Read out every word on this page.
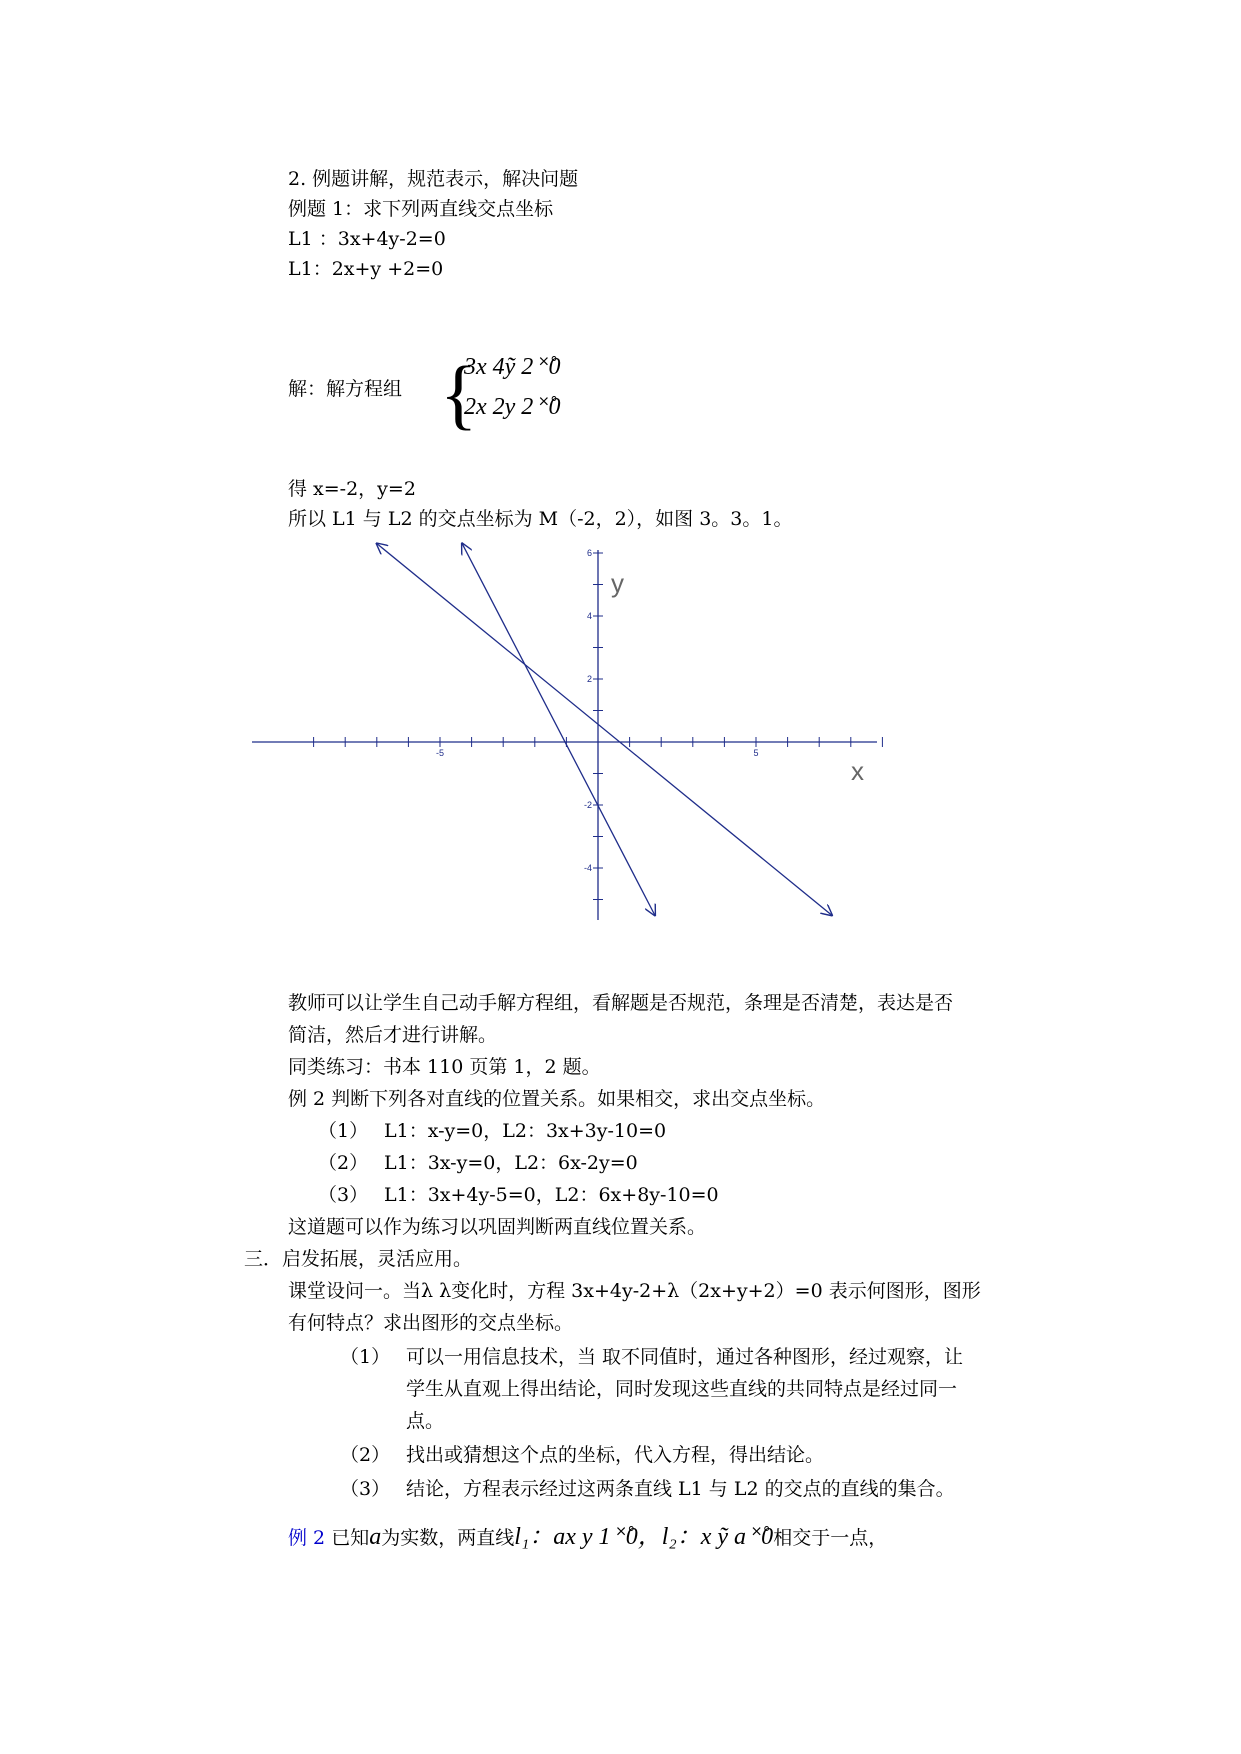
2. 例题讲解，规范表示，解决问题
例题 1：求下列两直线交点坐标
L1 ：3x+4y-2=0
L1：2x+y +2=0
解：解方程组 {
3x 4ỹ 2 ˟̊0
2x 2y 2 ˟̊0
得 x=-2，y=2
所以 L1 与 L2 的交点坐标为 M（-2，2），如图 3。3。1。
-5	5
6
4
2
-2
-4
y
x
教师可以让学生自己动手解方程组，看解题是否规范，条理是否清楚，表达是否
简洁，然后才进行讲解。
同类练习：书本 110 页第 1，2 题。
例 2 判断下列各对直线的位置关系。如果相交，求出交点坐标。
（1） L1：x-y=0，L2：3x+3y-10=0
（2） L1：3x-y=0，L2：6x-2y=0
（3） L1：3x+4y-5=0，L2：6x+8y-10=0
这道题可以作为练习以巩固判断两直线位置关系。
三．启发拓展，灵活应用。
课堂设问一。当λ λ变化时，方程 3x+4y-2+λ（2x+y+2）=0 表示何图形，图形
有何特点？求出图形的交点坐标。
（1） 可以一用信息技术，当 取不同值时，通过各种图形，经过观察，让
学生从直观上得出结论，同时发现这些直线的共同特点是经过同一
点。
（2） 找出或猜想这个点的坐标，代入方程，得出结论。
（3） 结论，方程表示经过这两条直线 L1 与 L2 的交点的直线的集合。
例 2 已知a为实数，两直线l₁：ax y 1 ˟̊0，l₂：x ỹ a ˟̊0相交于一点，
